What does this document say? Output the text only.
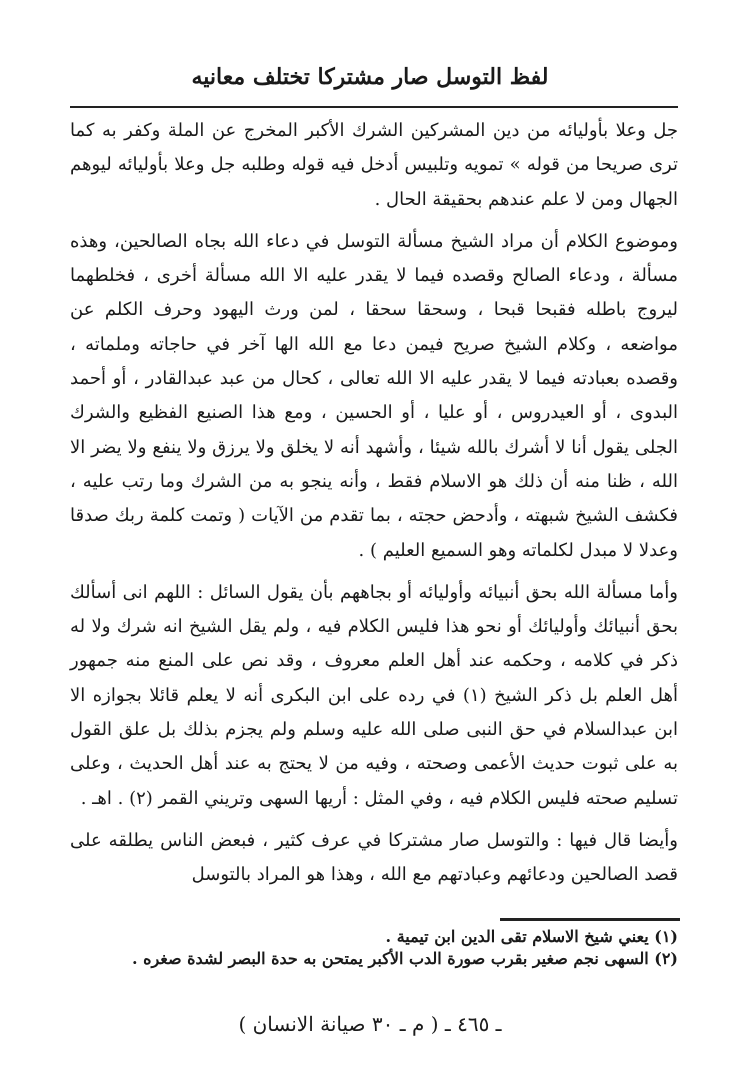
لفظ التوسل صار مشتركا تختلف معانيه

جل وعلا بأوليائه من دين المشركين الشرك الأكبر المخرج عن الملة وكفر به كما ترى صريحا من قوله » تمويه وتلبيس أدخل فيه قوله وطلبه جل وعلا بأوليائه ليوهم الجهال ومن لا علم عندهم بحقيقة الحال .

وموضوع الكلام أن مراد الشيخ مسألة التوسل في دعاء الله بجاه الصالحين، وهذه مسألة ، ودعاء الصالح وقصده فيما لا يقدر عليه الا الله مسألة أخرى ، فخلطهما ليروج باطله فقبحا قبحا ، وسحقا سحقا ، لمن ورث اليهود وحرف الكلم عن مواضعه ، وكلام الشيخ صريح فيمن دعا مع الله الها آخر في حاجاته وملماته ، وقصده بعبادته فيما لا يقدر عليه الا الله تعالى ، كحال من عبد عبدالقادر ، أو أحمد البدوى ، أو العيدروس ، أو عليا ، أو الحسين ، ومع هذا الصنيع الفظيع والشرك الجلى يقول أنا لا أشرك بالله شيئا ، وأشهد أنه لا يخلق ولا يرزق ولا ينفع ولا يضر الا الله ، ظنا منه أن ذلك هو الاسلام فقط ، وأنه ينجو به من الشرك وما رتب عليه ، فكشف الشيخ شبهته ، وأدحض حجته ، بما تقدم من الآيات ( وتمت كلمة ربك صدقا وعدلا لا مبدل لكلماته وهو السميع العليم ) .

وأما مسألة الله بحق أنبيائه وأوليائه أو بجاههم بأن يقول السائل : اللهم انى أسألك بحق أنبيائك وأوليائك أو نحو هذا فليس الكلام فيه ، ولم يقل الشيخ انه شرك ولا له ذكر في كلامه ، وحكمه عند أهل العلم معروف ، وقد نص على المنع منه جمهور أهل العلم بل ذكر الشيخ (١) في رده على ابن البكرى أنه لا يعلم قائلا بجوازه الا ابن عبدالسلام في حق النبى صلى الله عليه وسلم ولم يجزم بذلك بل علق القول به على ثبوت حديث الأعمى وصحته ، وفيه من لا يحتج به عند أهل الحديث ، وعلى تسليم صحته فليس الكلام فيه ، وفي المثل : أريها السهى وتريني القمر (٢) . اهـ .

وأيضا قال فيها : والتوسل صار مشتركا في عرف كثير ، فبعض الناس يطلقه على قصد الصالحين ودعائهم وعبادتهم مع الله ، وهذا هو المراد بالتوسل

(١) يعني شيخ الاسلام تقى الدين ابن تيمية .

(٢) السهى نجم صغير بقرب صورة الدب الأكبر يمتحن به حدة البصر لشدة صغره .

ـ ٤٦٥ ـ ( م ـ ٣٠ صيانة الانسان )
